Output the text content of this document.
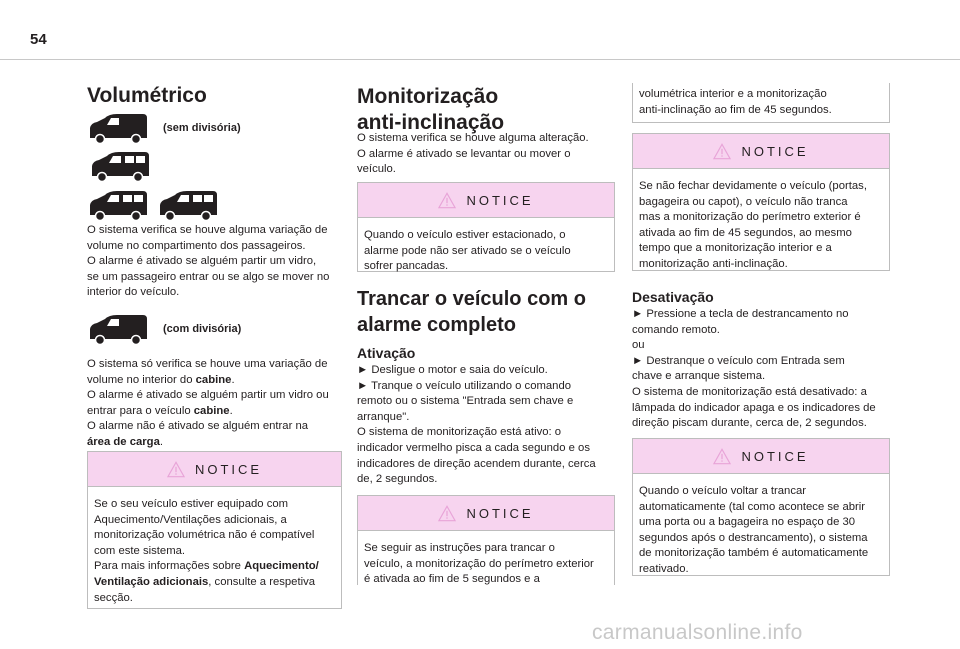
54
Volumétrico
(sem divisória)

O sistema verifica se houve alguma variação de

volume no compartimento dos passageiros.

O alarme é ativado se alguém partir um vidro,

se um passageiro entrar ou se algo se mover no

interior do veículo.

(com divisória)

O sistema só verifica se houve uma variação de

volume no interior do cabine.

O alarme é ativado se alguém partir um vidro ou

entrar para o veículo cabine.

O alarme não é ativado se alguém entrar na

área de carga.

NOTICE

Se o seu veículo estiver equipado com

Aquecimento/Ventilações adicionais, a

monitorização volumétrica não é compatível

com este sistema.

Para mais informações sobre Aquecimento/

Ventilação adicionais, consulte a respetiva

secção.

Monitorização
anti-inclinação

O sistema verifica se houve alguma alteração.

O alarme é ativado se levantar ou mover o

veículo.

NOTICE

Quando o veículo estiver estacionado, o

alarme pode não ser ativado se o veículo

sofrer pancadas.

Trancar o veículo com o
alarme completo
Ativação

► Desligue o motor e saia do veículo.

► Tranque o veículo utilizando o comando

remoto ou o sistema "Entrada sem chave e

arranque".

O sistema de monitorização está ativo: o

indicador vermelho pisca a cada segundo e os

indicadores de direção acendem durante, cerca

de, 2 segundos.

NOTICE

Se seguir as instruções para trancar o

veículo, a monitorização do perímetro exterior

é ativada ao fim de 5 segundos e a

volumétrica interior e a monitorização

anti-inclinação ao fim de 45 segundos.

NOTICE

Se não fechar devidamente o veículo (portas,

bagageira ou capot), o veículo não tranca

mas a monitorização do perímetro exterior é

ativada ao fim de 45 segundos, ao mesmo

tempo que a monitorização interior e a

monitorização anti-inclinação.

Desativação

► Pressione a tecla de destrancamento no

comando remoto.

ou

► Destranque o veículo com Entrada sem

chave e arranque sistema.

O sistema de monitorização está desativado: a

lâmpada do indicador apaga e os indicadores de

direção piscam durante, cerca de, 2 segundos.

NOTICE

Quando o veículo voltar a trancar

automaticamente (tal como acontece se abrir

uma porta ou a bagageira no espaço de 30

segundos após o destrancamento), o sistema

de monitorização também é automaticamente

reativado.

carmanualsonline.info
